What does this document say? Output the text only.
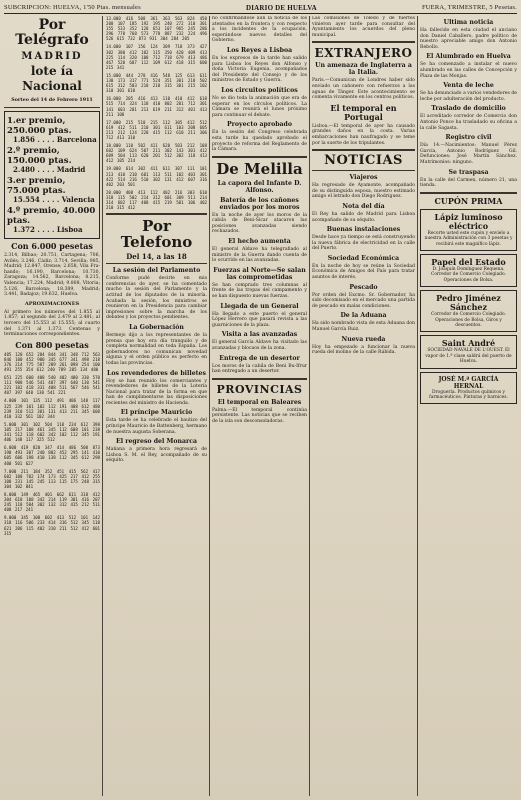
SUBCRIPCION: HUELVA, 1'50 Ptas. mensuales	DIARIO DE HUELVA	FUERA, TRIMESTRE, 5 Pesetas.
Por Telégrafo
MADRID
lote ía Nacional
Sorteo del 14 de Febrero 1911
1.er premio, 250.000 ptas.
1.856 . . . . Barcelona
2.º premio, 150.000 ptas.
2.480 . . . . Madrid
3.er premio, 75.000 ptas.
15.554 . . . . Valencia
4.º premio, 40.000 ptas.
1.372 . . . . Lisboa
Con 6.000 pesetas

2.314, Bilbao; 20.751, Cartagena; 706, Avilés; 3.246, Cádiz; 3.714, Sevilla; 985, Madrid; 12.847, Orense; 2.658, Vila Fra-hando; 16.190, Barcelona; 10.730, Zaragoza; 14.562, Barcelona; 8.215, Valencia; 17.224, Madrid; 9.808, Vitoria; 5.126, Barcelona; 18.389, Madrid; 3.441, Badajoz; 19.632, Huelva.

APROXIMACIONES

Al primero los números del 1.855 al 1.857; al segundo del 2.479 al 2.481; al tercero del 15.553 al 15.555; al cuarto del 1.371 al 1.373. Centenas y terminaciones correspondientes.

Con 800 pesetas

485 120 652 284 844 341 348 712 563 846 100 452 980 345 677 341 498 218 376 214 775 587 209 261 098 254 100 491 255 354 612 240 789 205 134 480

651 225 600 408 540 402 480 330 570 111 908 546 541 407 397 640 130 541 221 102 418 331 408 511 567 546 541 407 397 640 130 541 221

4.000 101 135 112 491 406 148 117 325 239 101 102 112 191 408 612 480 239 310 512 381 131 413 211 345 608 410 332 561 102 344

5.000 301 102 504 118 234 612 398 105 217 108 461 345 112 608 101 238 341 512 118 602 342 102 112 345 191 406 148 117 325 512

6.000 419 820 347 414 486 500 873 190 493 307 240 802 452 295 141 410 605 606 198 410 138 112 345 612 298 400 501 627

7.000 211 184 352 451 415 562 417 602 108 702 174 173 425 217 412 255 108 231 145 245 113 115 175 248 315 304 102 841

8.000 149 465 401 662 611 318 412 304 618 108 342 214 119 301 416 207 245 118 504 302 132 312 415 212 511 408 217 241

9.000 345 108 602 413 512 101 142 318 116 506 233 414 316 512 345 118 621 206 115 402 310 211 512 412 601 315

13.000 416 508 361 363 563 824 450 200 107 185 192 195 240 272 310 301 155 533 352 128 653 107 965 245 286 296 778 768 573 778 887 232 224 496 526 615 732 873 931 304 284 205

14.000 107 156 124 309 710 373 427 302 380 412 102 115 350 420 409 413 225 114 320 108 712 718 679 413 486 467 520 607 112 109 612 418 315 600 215 341

15.000 444 278 416 548 125 613 611 130 173 317 771 524 351 301 218 502 615 312 503 218 218 315 301 215 102 310 301 610

16.000 205 416 413 110 410 412 618 515 714 324 118 410 802 201 712 301 141 603 201 213 619 211 312 401 413 211 108

17.000 215 510 215 112 305 412 512 619 412 511 210 301 611 103 208 605 213 212 124 220 415 112 610 211 306 712 413 310

18.000 110 502 411 620 503 212 108 602 109 624 507 211 302 143 301 412 609 504 113 620 201 512 302 118 413 412 105 214

19.000 614 302 411 611 307 111 101 213 410 210 601 113 511 102 403 301 422 514 216 510 302 131 412 607 316 402 203 501

20.000 408 413 112 402 216 303 610 318 115 502 214 312 601 309 511 214 314 602 117 408 415 219 501 106 402 210 315 412

Por Telefono
Del 14, a las 18
La sesión del Parlamento

Conforme pudé decirle en mis conferencias de ayer, se ha comentado mucho la sesión del Parlamento y la actitud de los diputados de la minoría. Acabada la sesión, los ministros se reunieron en la Presidencia para cambiar impresiones sobre la marcha de los debates y los proyectos pendientes.

La Gobernación

Bermejo dijo a los representantes de la prensa que hoy era día tranquilo y de completa normalidad en toda España. Los gobernadores no comunican novedad alguna y el orden público es perfecto en todas las provincias.

Los revendedores de billetes

Hoy se han reunido los comerciantes y revendedores de billetes de la Lotería Nacional para tratar de la forma en que han de cumplimentarse las disposiciones recientes del ministro de Hacienda.

El príncipe Mauricio

Esta tarde se ha celebrado el bautizo del príncipe Mauricio de Battenberg, hermano de nuestra augusta Soberana.

El regreso del Monarca

Mañana a primera hora regresará de Lisboa S. M. el Rey, acompañado de su séquito.

no confirmándose aún la noticia de los atentados en la frontera y con respecto a los incidentes de la ocupación, esperándose nuevos detalles del Gobierno.

Los Reyes a Lisboa

En los expresos de la tarde han salido para Lisboa los Reyes don Alfonso y doña Victoria Eugenia, acompañados del Presidente del Consejo y de los ministros de Estado y Guerra.

Los circuitos políticos

No se dio toda la animación que era de esperar en los círculos políticos. La Cámara se reunirá el lunes próximo para continuar el debate.

Proyecto aprobado

En la sesión del Congreso celebrada esta tarde ha quedado aprobado el proyecto de reforma del Reglamento de la Cámara.

De Melilla
La capora del Infante D. Alfonso.
Batería de los cañones enviados por los moros

En la noche de ayer los moros de la cabila de Beni-Sicar atacaron las posiciones avanzadas siendo rechazados.

El hecho aumenta

El general Aldave ha telegrafiado al ministro de la Guerra dando cuenta de lo ocurrido en las avanzadas.

Fuerzas al Norte—Se salan las comprometidas

Se han comprado tres columnas al frente de las tropas del campamento y se han dispuesto nuevas fuerzas.

Llegada de un General

Ha llegado a este puerto el general López Herrero que pasará revista a las guarniciones de la plaza.

Visita a las avanzadas

El general García Aldave ha visitado las avanzadas y blocaos de la zona.

Entrega de un desertor

Los moros de la cabila de Beni Bu-Ifrur han entregado a un desertor.

PROVINCIAS
El temporal en Baleares

Palma.—El temporal continúa persistente. Las noticias que se reciben de la isla son desconsoladoras.

Las comisiones de Toledo y de fuertes vinieron ayer tarde para consultar del Ayuntamiento los acuerdos del pleno municipal.

EXTRANJERO
Un amenaza de Inglaterra a la Italia.

París.—Comunican de Londres haber sido enviado un cañonero con refuerzos a las aguas de Tánger. Este acontecimiento se comenta vivamente en los centros políticos.

El temporal en Portugal

Lisboa.—El temporal de ayer ha causado grandes daños en la costa. Varias embarcaciones han naufragado y se teme por la suerte de los tripulantes.

NOTICIAS
Viajeros

Ha regresado de Ayamonte, acompañado de su distinguida esposa, nuestro estimado amigo el letrado don Diego Rodríguez.

Nota del día

El Rey ha salido de Madrid para Lisboa acompañado de su séquito.

Buenas instalaciones

Desde hace ya tiempo se está construyendo la nueva fábrica de electricidad en la calle del Puerto.

Sociedad Económica

En la noche de hoy se reúne la Sociedad Económica de Amigos del País para tratar asuntos de interés.

Pescado

Por orden del Excmo. Sr. Gobernador, ha sido decomisado en el mercado una partida de pescado en malas condiciones.

De la Aduana

Ha sido nombrado vista de esta Aduana don Manuel García Ruiz.

Nueva rueda

Hoy ha empezado a funcionar la nueva rueda del molino de la calle Rábida.

Ultima noticia

Ha fallecido en esta ciudad el anciano don Daniel Caballero, padre político de nuestro apreciable amigo don Antonio Rebollo.

El Alumbrado en Huelva

Se ha comenzado a instalar el nuevo alumbrado en las calles de Concepción y Plaza de las Monjas.

Venta de leche

Se ha denunciado a varios vendedores de leche por adulteración del producto.

Traslado de domicilio

El acreditado corredor de Comercio don Antonio Ponce ha trasladado su oficina a la calle Sagasta.

Registro civil

Día 14.—Nacimientos: Manuel Pérez García, Antonio Rodríguez Gil. Defunciones: José Martín Sánchez. Matrimonios: ninguno.

Se traspasa

En la calle del Carmen, número 21, una tienda.

CUPÓN PRIMA
Lápiz luminoso eléctrico
Recorte usted este cupón y envíelo a nuestra Administración con 3 pesetas y recibirá este magnífico lápiz.
Papel del Estado
D. Joaquín Domínguez Requena. Corredor de Comercio Colegiado. Operaciones de Bolsa.
Pedro Jiménez Sánchez
Corredor de Comercio Colegiado. Operaciones de Bolsa, Giros y descuentos.
Saint André
SOCIEDAD NAVALE DE L'OUEST. El vapor de 1.ª clase saldrá del puerto de Huelva.
JOSÉ M.ª GARCÍA HERNAL
Droguería. Productos químicos y farmacéuticos. Pinturas y barnices.
